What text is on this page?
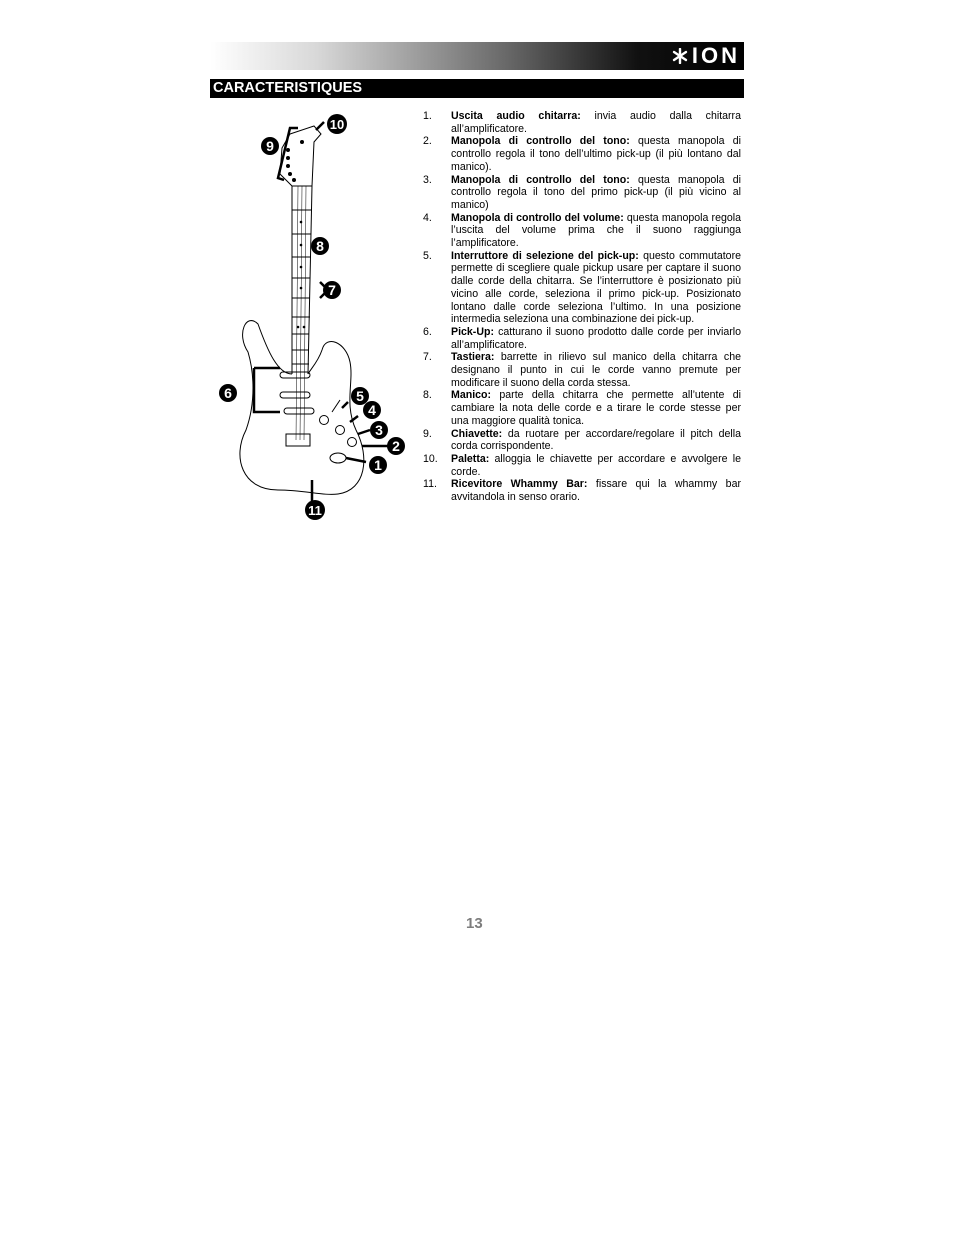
ION
CARACTERISTIQUES
1
2
3
4
5
6
7
8
9
10
11
1.	Uscita audio chitarra: invia audio dalla chitarra all’amplificatore.
2.	Manopola di controllo del tono: questa manopola di controllo regola il tono dell’ultimo pick-up (il più lontano dal manico).
3.	Manopola di controllo del tono: questa manopola di controllo regola il tono del primo pick-up (il più vicino al manico)
4.	Manopola di controllo del volume: questa manopola regola l’uscita del volume prima che il suono raggiunga l’amplificatore.
5.	Interruttore di selezione del pick-up: questo commutatore permette di scegliere quale pickup usare per captare il suono dalle corde della chitarra. Se l’interruttore è posizionato più vicino alle corde, seleziona il primo pick-up. Posizionato lontano dalle corde seleziona l’ultimo. In una posizione intermedia seleziona una combinazione dei pick-up.
6.	Pick-Up: catturano il suono prodotto dalle corde per inviarlo all’amplificatore.
7.	Tastiera: barrette in rilievo sul manico della chitarra che designano il punto in cui le corde vanno premute per modificare il suono della corda stessa.
8.	Manico: parte della chitarra che permette all’utente di cambiare la nota delle corde e a tirare le corde stesse per una maggiore qualità tonica.
9.	Chiavette: da ruotare per accordare/regolare il pitch della corda corrispondente.
10.	Paletta: alloggia le chiavette per accordare e avvolgere le corde.
11.	Ricevitore Whammy Bar: fissare qui la whammy bar avvitandola in senso orario.
13
